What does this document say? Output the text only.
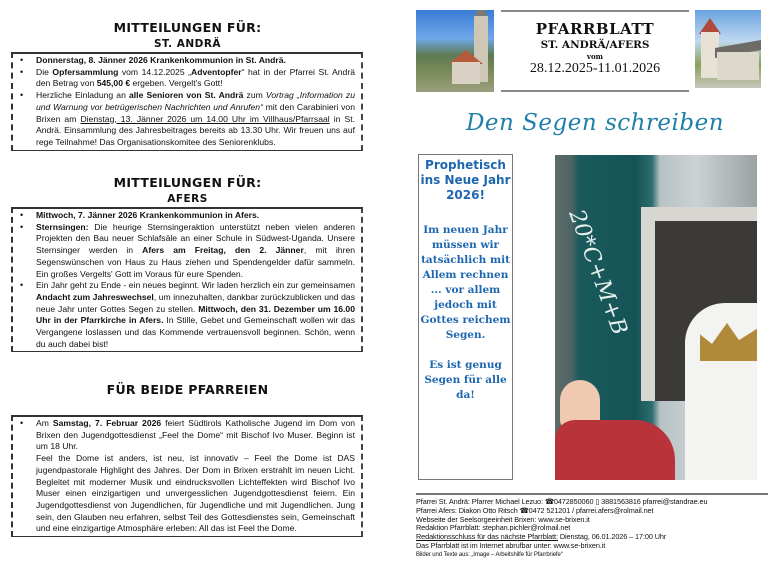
MITTEILUNGEN FÜR:
ST. ANDRÄ
• Donnerstag, 8. Jänner 2026 Krankenkommunion in St. Andrä.
• Die Opfersammlung vom 14.12.2025 „Adventopfer“ hat in der Pfarrei St. Andrä den Betrag von 545,00 € ergeben. Vergelt's Gott!
• Herzliche Einladung an alle Senioren von St. Andrä zum Vortrag „Information zu und Warnung vor betrügerischen Nachrichten und Anrufen“ mit den Carabinieri von Brixen am Dienstag, 13. Jänner 2026 um 14.00 Uhr im Villhaus/Pfarrsaal in St. Andrä. Einsammlung des Jahresbeitrages bereits ab 13.30 Uhr. Wir freuen uns auf rege Teilnahme! Das Organisationskomitee des Seniorenklubs.
MITTEILUNGEN FÜR:
AFERS
• Mittwoch, 7. Jänner 2026 Krankenkommunion in Afers.
• Sternsingen: Die heurige Sternsingeraktion unterstützt neben vielen anderen Projekten den Bau neuer Schlafsäle an einer Schule in Südwest-Uganda. Unsere Sternsinger werden in Afers am Freitag, den 2. Jänner, mit ihren Segenswünschen von Haus zu Haus ziehen und Spendengelder dafür sammeln. Ein großes Vergelts' Gott im Voraus für eure Spenden.
• Ein Jahr geht zu Ende - ein neues beginnt. Wir laden herzlich ein zur gemeinsamen Andacht zum Jahreswechsel, um innezuhalten, dankbar zurückzublicken und das neue Jahr unter Gottes Segen zu stellen. Mittwoch, den 31. Dezember um 16.00 Uhr in der Pfarrkirche in Afers. In Stille, Gebet und Gemeinschaft wollen wir das Vergangene loslassen und das Kommende vertrauensvoll beginnen. Schön, wenn du auch dabei bist!
FÜR BEIDE PFARREIEN
• Am Samstag, 7. Februar 2026 feiert Südtirols Katholische Jugend im Dom von Brixen den Jugendgottesdienst „Feel the Dome“ mit Bischof Ivo Muser. Beginn ist um 18 Uhr.
Feel the Dome ist anders, ist neu, ist innovativ – Feel the Dome ist DAS jugendpastorale Highlight des Jahres. Der Dom in Brixen erstrahlt im neuen Licht. Begleitet mit moderner Musik und eindrucksvollen Lichteffekten wird Bischof Ivo Muser einen einzigartigen und unvergesslichen Jugendgottesdienst feiern. Ein Jugendgottesdienst von Jugendlichen, für Jugendliche und mit Jugendlichen. Jung sein, den Glauben neu erfahren, selbst Teil des Gottesdienstes sein, Gemeinschaft und eine einzigartige Atmosphäre erleben: All das ist Feel the Dome.
PFARRBLATT
ST. ANDRÄ/AFERS
vom
28.12.2025-11.01.2026
Den Segen schreiben
Prophetisch ins Neue Jahr 2026!
Im neuen Jahr müssen wir tatsächlich mit Allem rechnen ... vor allem jedoch mit Gottes reichem Segen.
Es ist genug Segen für alle da!
20*C+M+B
Pfarrei St. Andrä: Pfarrer Michael Lezuo: ☎0472850060 ▯ 3881563816 pfarrei@standrae.eu
Pfarrei Afers: Diakon Otto Ritsch ☎0472 521201 / pfarrei.afers@rolmail.net
Webseite der Seelsorgeeinheit Brixen: www.se-brixen.it
Redaktion Pfarrblatt: stephan.pichler@rolmail.net
Redaktionsschluss für das nächste Pfarrblatt: Dienstag, 06.01.2026 – 17:00 Uhr
Das Pfarrblatt ist im Internet abrufbar unter: www.se-brixen.it
Bilder und Texte aus: „Image – Arbeitshilfe für Pfarrbriefe“
